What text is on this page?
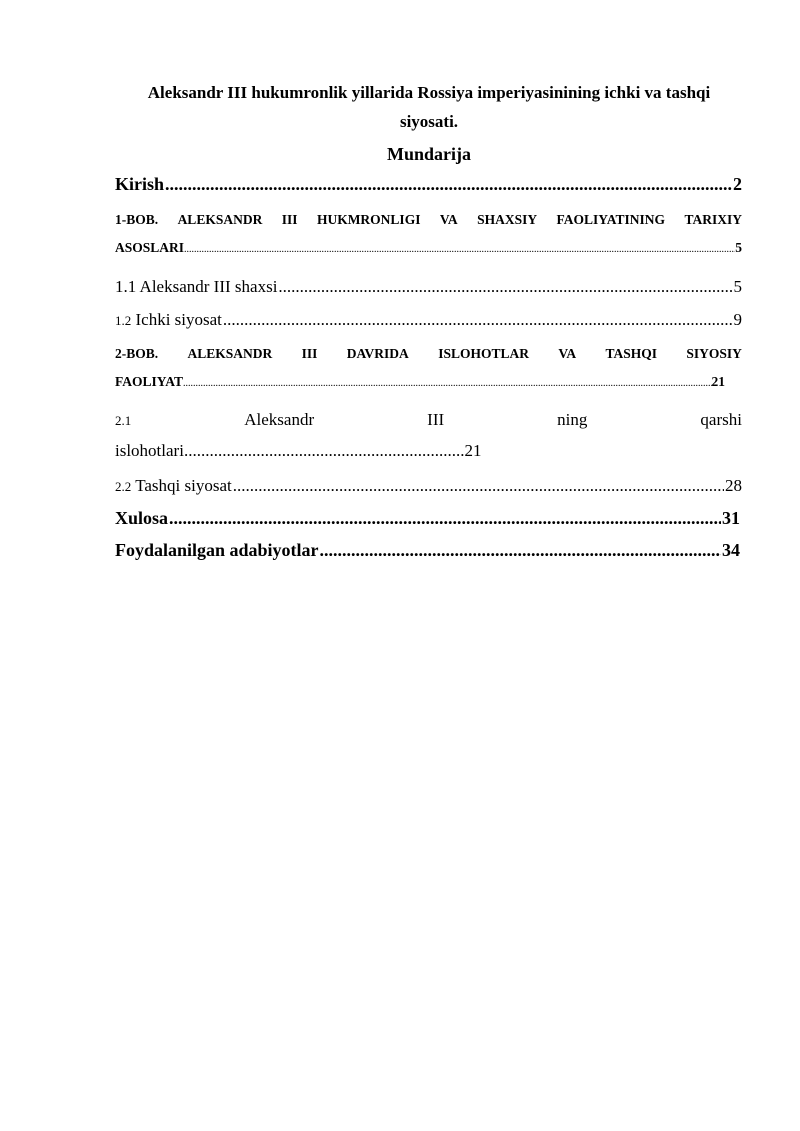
Aleksandr III hukumronlik yillarida Rossiya imperiyasinining ichki va tashqi
siyosati.
Mundarija
Kirish .....	2
1-BOB. ALEKSANDR III HUKMRONLIGI VA SHAXSIY FAOLIYATINING TARIXIY
ASOSLARI .....	5
1.1 Aleksandr III shaxsi .....	5
1.2 Ichki siyosat .....	9
2-BOB. ALEKSANDR III DAVRIDA ISLOHOTLAR VA TASHQI SIYOSIY
FAOLIYAT .....	21
2.1	Aleksandr	III	ning	qarshi
islohotlari .................................................................. 21
2.2 Tashqi siyosat .....	28
Xulosa .....	31
Foydalanilgan adabiyotlar .....	34
